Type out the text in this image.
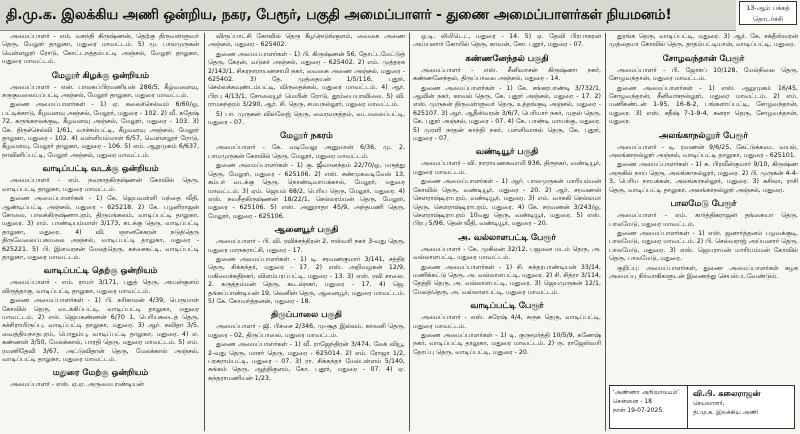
தி.மு.க. இலக்கிய அணி ஒன்றிய, நகர, பேரூர், பகுதி அமைப்பாளர் - துணை அமைப்பாளர்கள் நியமனம்!	13-ஆம் பக்கத்
தொடர்ச்சி

அமைப்பாளர் - எம். வசந்தி கிருஷ்ணன், தெற்கு திருவள்ளுவர் தெரு, மேலூர் தாலுகா, மதுரை மாவட்டம். 5) மு. பாலமுருகன் வெள்ளலூர் ரோடு, கோட்டநத்தம்பட்டி அஞ்சல், மேலூர் தாலுகா, மதுரை மாவட்டம்.

மேலூர் கிழக்கு ஒன்றியம்

அமைப்பாளர் - என். பாலசுப்பிரமணியன் 286/5, கீழ்வளைவு, சருகுவலையப்பட்டி அஞ்சல், மேலூர் தாலுகா, மதுரை மாவட்டம்.

துணை அமைப்பாளர்கள் - 1) ஏ. கலைச்செல்வம் 6/60/ஓ, பட்டிக்காடு, கீழவளவு அஞ்சல், மேலூர், மதுரை - 102. 2) வீ. சுதேஷ் 72, கருங்காலக்குடி, கீழவளவு அஞ்சல், மேலூர், மதுரை - 103. 3) கே. திருச்செல்வி 1/61, வாச்சம்பட்டி, கீழவளவு அஞ்சல், மேலூர் தாலுகா, மதுரை - 102. 4) வள்ளியம்மாள் 6/57, வெள்ளலூர் ரோடு, கீழவளவு, மேலூர் தாலுகா, மதுரை - 106. 5) எம். ஆறுமுகம் 6/637, நாவினிப்பட்டி, மேலூர் அஞ்சல், மதுரை மாவட்டம்.

வாடிப்பட்டி வடக்கு ஒன்றியம்

அமைப்பாளர் - எம். நவநாதகிருஷ்ணன் கோவில் தெரு, வாடிப்பட்டி தாலுகா, மதுரை மாவட்டம்.

துணை அமைப்பாளர்கள் - 1) கே. ஜெயவள்ளி மந்தை வீதி, ஆண்டிப்பட்டி அஞ்சல், மதுரை - 625218. 2) கே. பழனிராஜன் சோலை, பாலக்கிருஷ்ணாபுரம், திருமங்கலம், வாடிப்பட்டி தாலுகா, மதுரை. 3) எம். பாண்டியம்மாள் 3/173, கடக்கு தெரு, வாடிப்பட்டி தாலுகா, மதுரை. 4) வி. ஞானசேகரன் நடுத்தெரு திருவேலைப்பசுமலை அஞ்சல், வாடிப்பட்டி தாலுகா, மதுரை - 625221. 5) பி. இளவரசன் மேலத்தெரு, கச்சைகட்டி, வாடிப்பட்டி தாலுகா, மதுரை மாவட்டம்.

வாடிப்பட்டி தெற்கு ஒன்றியம்

அமைப்பாளர் - எம். ராமர் 3/171, புதுத் தெரு, அயன்குளம் விருத்தாகு, வாடிப்பட்டி தாலுகா, மதுரை மாவட்டம்.

துணை அமைப்பாளர்கள் - 1) பி. கரிகாலன் 4/39, பெருமாள் கோவில் தெரு, வடக்கிப்பட்டி, வாடிப்பட்டி தாலுகா, மதுரை மாவட்டம். 2) எல். ஜெயகண்ணன் 6/70 1, பெரியகடைத் தெரு, கச்சிராயிருப்பு, வாடிப்பட்டி தாலுகா, மதுரை. 3) ஆர். சுவிதா 3/5, வைத்தியநாதபுரம், பொதும்பு, வாடிப்பட்டி தாலுகா, மதுரை. 4) எ. கண்ணன் 3/50, மேலக்கால், பாரதி தெரு, மதுரை மாவட்டம். 5) எம். ரமணிதேவி 3/67, அட்டுவிதான் தெரு, மேலக்கால் அஞ்சல், வாடிப்பட்டி தாலுகா, மதுரை மாவட்டம்.

மதுரை மேற்கு ஒன்றியம்

அமைப்பாளர் - எஸ். ஏ.ஏ. அருமைபாண்டியன்

விருப்பாட்சி கோவில் தெரு கீழநெடுங்குளம், வைகை அணை அஞ்சல், மதுரை - 625402.

துணை அமைப்பாளர்கள் - 1) பி. கிருஷ்ணன் 56, தோட்டமேட்டுத் தெரு, கேரன், வடுகர் அஞ்சல், மதுரை - 625402. 2) எம். முத்தரசு 2/143/1, சிகரநாராயணசாமி நகர், வைகை அணை அஞ்சல், மதுரை - 625402. 3) தே. முத்தையன் 1/5/116, புதூர், செல்லக்கவுண்டம்பட்டி, விருதைக்கல், மதுரை மாவட்டம். 4) ஆர். பிரபு 4/13/1, சோலையூர் மெயின் ரோடு, தூம்பையாவிலை. 5) வி. ராமசுந்தரம் 3/290, ஆர். சி. தெரு, சமயநல்லூர், மதுரை மாவட்டம்.

5) பா. முருகன் வில்லேஜ் தெரு, வைரவநத்தம், வடமலைப்பட்டி, மதுரை - 07.

மேலூர் நகரம்

அமைப்பாளர் - கே. வடிவேலு அனுமான் 6/36, மு. 2, பாமமுருகன் கோவில் தெரு, மேலூர், மதுரை மாவட்டம்.

துணை அமைப்பாளர்கள் - 1) கு. ஜீவானந்தம் 22/70/ஓ, மருத்து தெரு, மேலூர், மதுரை - 625106. 2) எஸ். சண்முகவடிவேல் 13, கம்பர் வடக்கு தெரு, நொண்டிவாய்க்கால், மேலூர், மதுரை மாவட்டம். 3) ஏம். ஜெயம் 68/2, பெரிய தெரு, மேலூர், மதுரை. 4) எஸ். நவநீதகிருஷ்ணன் 18/22/1, செல்லரம்மன் தெரு, மேலூர், மதுரை - 625106. 5) எஸ். அனுராதா 45/9, அந்தமணி தெரு, மேலூர், மதுரை - 625106.

ஆனையூர் பகுதி

அமைப்பாளர் - பி. வி. ரவிச்சந்திரன் 2, ஈஸ்வரி நகர் 3-வது தெரு, மதுரை மாநகராட்சி, மதுரை - 17.

துணை அமைப்பாளர்கள் - 1) டி. சரவணகுமார் 3/141, சத்திர தெரு, சிக்கந்தர், மதுரை - 17. 2) எஸ். அறிவழகன் 12/9, மகிமைச்சுதிநகர், விளம்பரப்பட்டி, மதுரை - 13. 3) எஸ். ரவி சாலை. 2. கருத்தம்மன் தெரு, கூடல்நகர், மதுரை - 17. 4) ஜெ. தங்கப்பாண்டியன் 19, லெனின் தெரு, ஆனையூர், மதுரை மாவட்டம். 5) கே. கோவர்த்தனன், மதுரை - 18.

திருப்பாலை பகுதி

அமைப்பாளர் - ஜி. பிச்சை 2/346, மு-சூத இல்லம், காலனி தெரு, மதுரை - 02, திருப்பாலை, மதுரை மாவட்டம்.

துணை அமைப்பாளர்கள் - 1) வீ. ராஜேந்திரன் 3/474, லேக் வியூ, 2-வது தெரு, மாசர் தெரு, மதுரை - 625014. 2) எம். ரோஜா 1/2, பரசுராம்பட்டி, மதுரை - 07. 3) ரா. சிக்கந்தர் மேல்பள்ளம் 5/140, சுங்கம் தெரு, ஆத்திகுளம், கோ. புதூர், மதுரை - 07. 4) ஏ. சுந்தராமணியன் 1/23,

ஓ.டி. லிமிடெட், மதுரை - 14. 5) ஏ. தேவி பிரபாகரன் அய்யனார் கோயில் தெரு, காவன், கோ. புதூர், மதுரை - 07.

கண்ணனேந்தல் பகுதி

அமைப்பாளர் - எஸ். சீனிவாசன் கிருஷ்ணா நகர், கண்ணனேந்தல், திருப்பாலை அஞ்சல், மதுரை - 14.

துணை அமைப்பாளர்கள் - 1) கே. சங்கரபாண்டி 3/732/1, ஆவின் நகர், காவல் தெரு, கே. புதூர் அஞ்சல், மதுரை - 17. 2) எஸ். முருகன் திருவள்ளுவர் தெரு, உத்தங்குடி அஞ்சல், மதுரை - 625107. 3) ஆர். ஆதீஸ்வரன் 3/6/7, பெரியார் நகர், முதல் தெரு, கே. புதூர் அஞ்சல், மதுரை - 07. 4) கே. பாண்டி மாயக்கு, மதுரை. 5) முரளி நாதன் காந்தி நகர், பள்ளிவாசல் தெரு, கே. புதூர், மதுரை - 07.

வண்டியூர் பகுதி

அமைப்பாளர் - வி. நாராயணசுவாமி 936, திருநகர், வண்டியூர், மதுரை மாவட்டம்.

துணை அமைப்பாளர்கள் - 1) ஆர். பாலமுருகன் மாரியம்மன் கோவில் தெரு, வண்டியூர், மதுரை - 20. 2) ஆர். சரவணன் சௌராஷ்டிராபுரம், வண்டியூர், மதுரை. 3) எம். வாசுகி செல்லமா தெரு, சௌராஷ்டிராபுரம், மதுரை. 4) கே. சரவணன் 3/243/ஓ, சௌராஷ்டிராபுரம் 10வது தெரு, வண்டியூர், மதுரை. 5) எஸ். பிரபு 5/96, தென் வீதி, வண்டியூர், மதுரை - 20.

அ. வல்லாளபட்டி பேரூர்

அமைப்பாளர் - கே. முகிலன் 32/12, பஜனை மடம் தெரு, அ. வல்லாளபட்டி, மதுரை மாவட்டம்.

துணை அமைப்பாளர்கள் - 1) சி. சுந்தரபாண்டியன் 33/14, மணிக்கட்டு தெரு, அ. வல்லாளபட்டி, மதுரை. 2) சி. சித்ரா 3/114, தேத்தி தெரு, அ. வல்லாளபட்டி, மதுரை. 3) ஜெயமுருகன் 12/1, மேலத்தெரு, அ. வல்லாளபட்டி, மதுரை மாவட்டம்.

வாடிப்பட்டி பேரூர்

அமைப்பாளர் - எஸ். சுரேஷ் 4/4, சுருசு தெரு, வாடிப்பட்டி, மதுரை மாவட்டம்.

துணை அமைப்பாளர்கள் - 1) டி. குருமூர்த்தி 10/5/9, கணேஷ் நகர், வாடிப்பட்டி தாலுகா, மதுரை மாவட்டம். 2) ரு. ராஜேஸ்வரி தோப்பு தெரு, வாடிப்பட்டி, மதுரை - 20.

துரங்க தெரு, வாடிப்பட்டி, மதுரை. 3) ஆர். கே. சக்தீஸ்வரன் முத்தையா கோவில் தெரு, தாதம்பட்டியான், வாடிப்பட்டி, மதுரை.

சோழவந்தான் பேரூர்

அமைப்பாளர் - பி. ஜோசப் 10/128, மேல்நிலை தெரு, சோழவந்தான், மதுரை மாவட்டம்.

துணை அமைப்பாளர்கள் - 1) எஸ். ஆறுமுகம் 16/45, சோழவந்தான், சீனிவாசநல்லூர், மதுரை மாவட்டம். 2) எம். மணிகண்டன் 1-95, 16-8-2, பங்களாப்பட்டி, சோழவந்தான், மதுரை. 3) எஸ். சதீஷ் 7-1-9-4, கனரா தெரு, சோழவந்தான், மதுரை.

அலங்காநல்லூர் பேரூர்

அமைப்பாளர் - டி. ரவணன் 9/6/25, கேட்டுக்கடை வயல், அலங்காநல்லூர் அஞ்சல், வாடிப்பட்டி தாலுகா, மதுரை - 625101.

துணை அமைப்பாளர்கள் - 1) சு. பிரவீன்குமார் 9/10, கிருஷ்ண அருகில் நாய் தெரு, அலங்காநல்லூர், மதுரை. 2) பி. முருகன் 4-4-3, பெரிய நாயக்கன், அலங்காநல்லூர், மதுரை. 3) சுசிலா, ராசி தெரு, வாடிப்பட்டி தாலுகா, அலங்காநல்லூர் அஞ்சல், மதுரை.

பாலமேடு பேரூர்

அமைப்பாளர் - எம். கார்த்திகராஜன் தங்கையா தெரு, பாலமேடு, மதுரை மாவட்டம்.

துணை அமைப்பாளர்கள் - 1) எஸ். ஜனார்த்தனம் பழவக்குடி, பாலமேடு, மதுரை மாவட்டம். 2) பி. செல்வராஜ் அய்யனார் தெரு, பாலமேடு, மதுரை. 3) எஸ். ஜெயராமன் மாரியம்மன் கோவில் தெரு, பாலமேடு, மதுரை.

குறிப்பு: அமைப்பாளர்கள், துணை அமைப்பாளர்கள் கழக அமைப்பு நிர்வாகிகளுடன் இணைந்து செயல்படவேண்டும்.

'அண்ணா அறிவாலயம்'
சென்னை - 18
நாள் 19-07-2025.
வி.பி. கலைராஜன்
செயலாளர்,
தி.மு.க. இலக்கிய அணி
